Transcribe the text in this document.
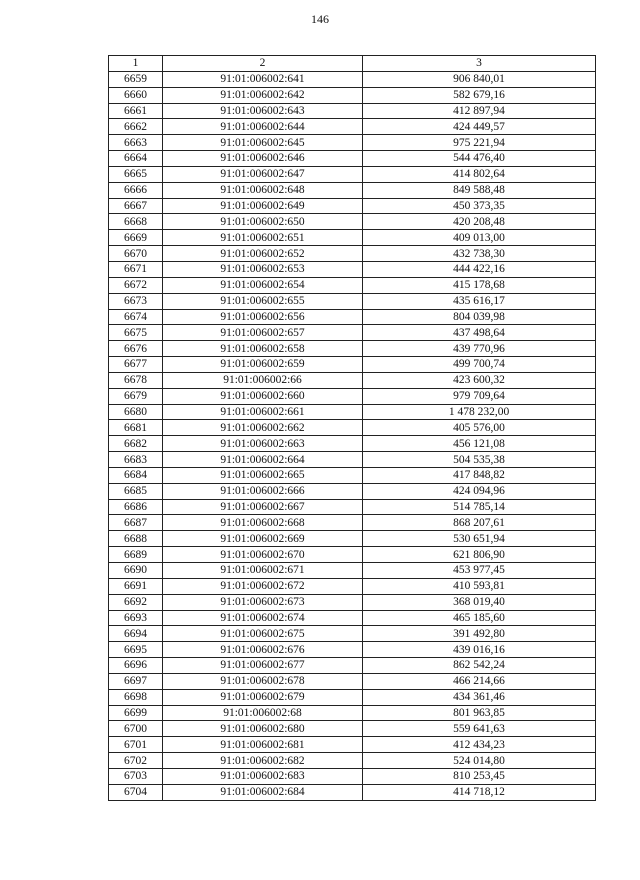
146
1	2	3
6659	91:01:006002:641	906 840,01
6660	91:01:006002:642	582 679,16
6661	91:01:006002:643	412 897,94
6662	91:01:006002:644	424 449,57
6663	91:01:006002:645	975 221,94
6664	91:01:006002:646	544 476,40
6665	91:01:006002:647	414 802,64
6666	91:01:006002:648	849 588,48
6667	91:01:006002:649	450 373,35
6668	91:01:006002:650	420 208,48
6669	91:01:006002:651	409 013,00
6670	91:01:006002:652	432 738,30
6671	91:01:006002:653	444 422,16
6672	91:01:006002:654	415 178,68
6673	91:01:006002:655	435 616,17
6674	91:01:006002:656	804 039,98
6675	91:01:006002:657	437 498,64
6676	91:01:006002:658	439 770,96
6677	91:01:006002:659	499 700,74
6678	91:01:006002:66	423 600,32
6679	91:01:006002:660	979 709,64
6680	91:01:006002:661	1 478 232,00
6681	91:01:006002:662	405 576,00
6682	91:01:006002:663	456 121,08
6683	91:01:006002:664	504 535,38
6684	91:01:006002:665	417 848,82
6685	91:01:006002:666	424 094,96
6686	91:01:006002:667	514 785,14
6687	91:01:006002:668	868 207,61
6688	91:01:006002:669	530 651,94
6689	91:01:006002:670	621 806,90
6690	91:01:006002:671	453 977,45
6691	91:01:006002:672	410 593,81
6692	91:01:006002:673	368 019,40
6693	91:01:006002:674	465 185,60
6694	91:01:006002:675	391 492,80
6695	91:01:006002:676	439 016,16
6696	91:01:006002:677	862 542,24
6697	91:01:006002:678	466 214,66
6698	91:01:006002:679	434 361,46
6699	91:01:006002:68	801 963,85
6700	91:01:006002:680	559 641,63
6701	91:01:006002:681	412 434,23
6702	91:01:006002:682	524 014,80
6703	91:01:006002:683	810 253,45
6704	91:01:006002:684	414 718,12
